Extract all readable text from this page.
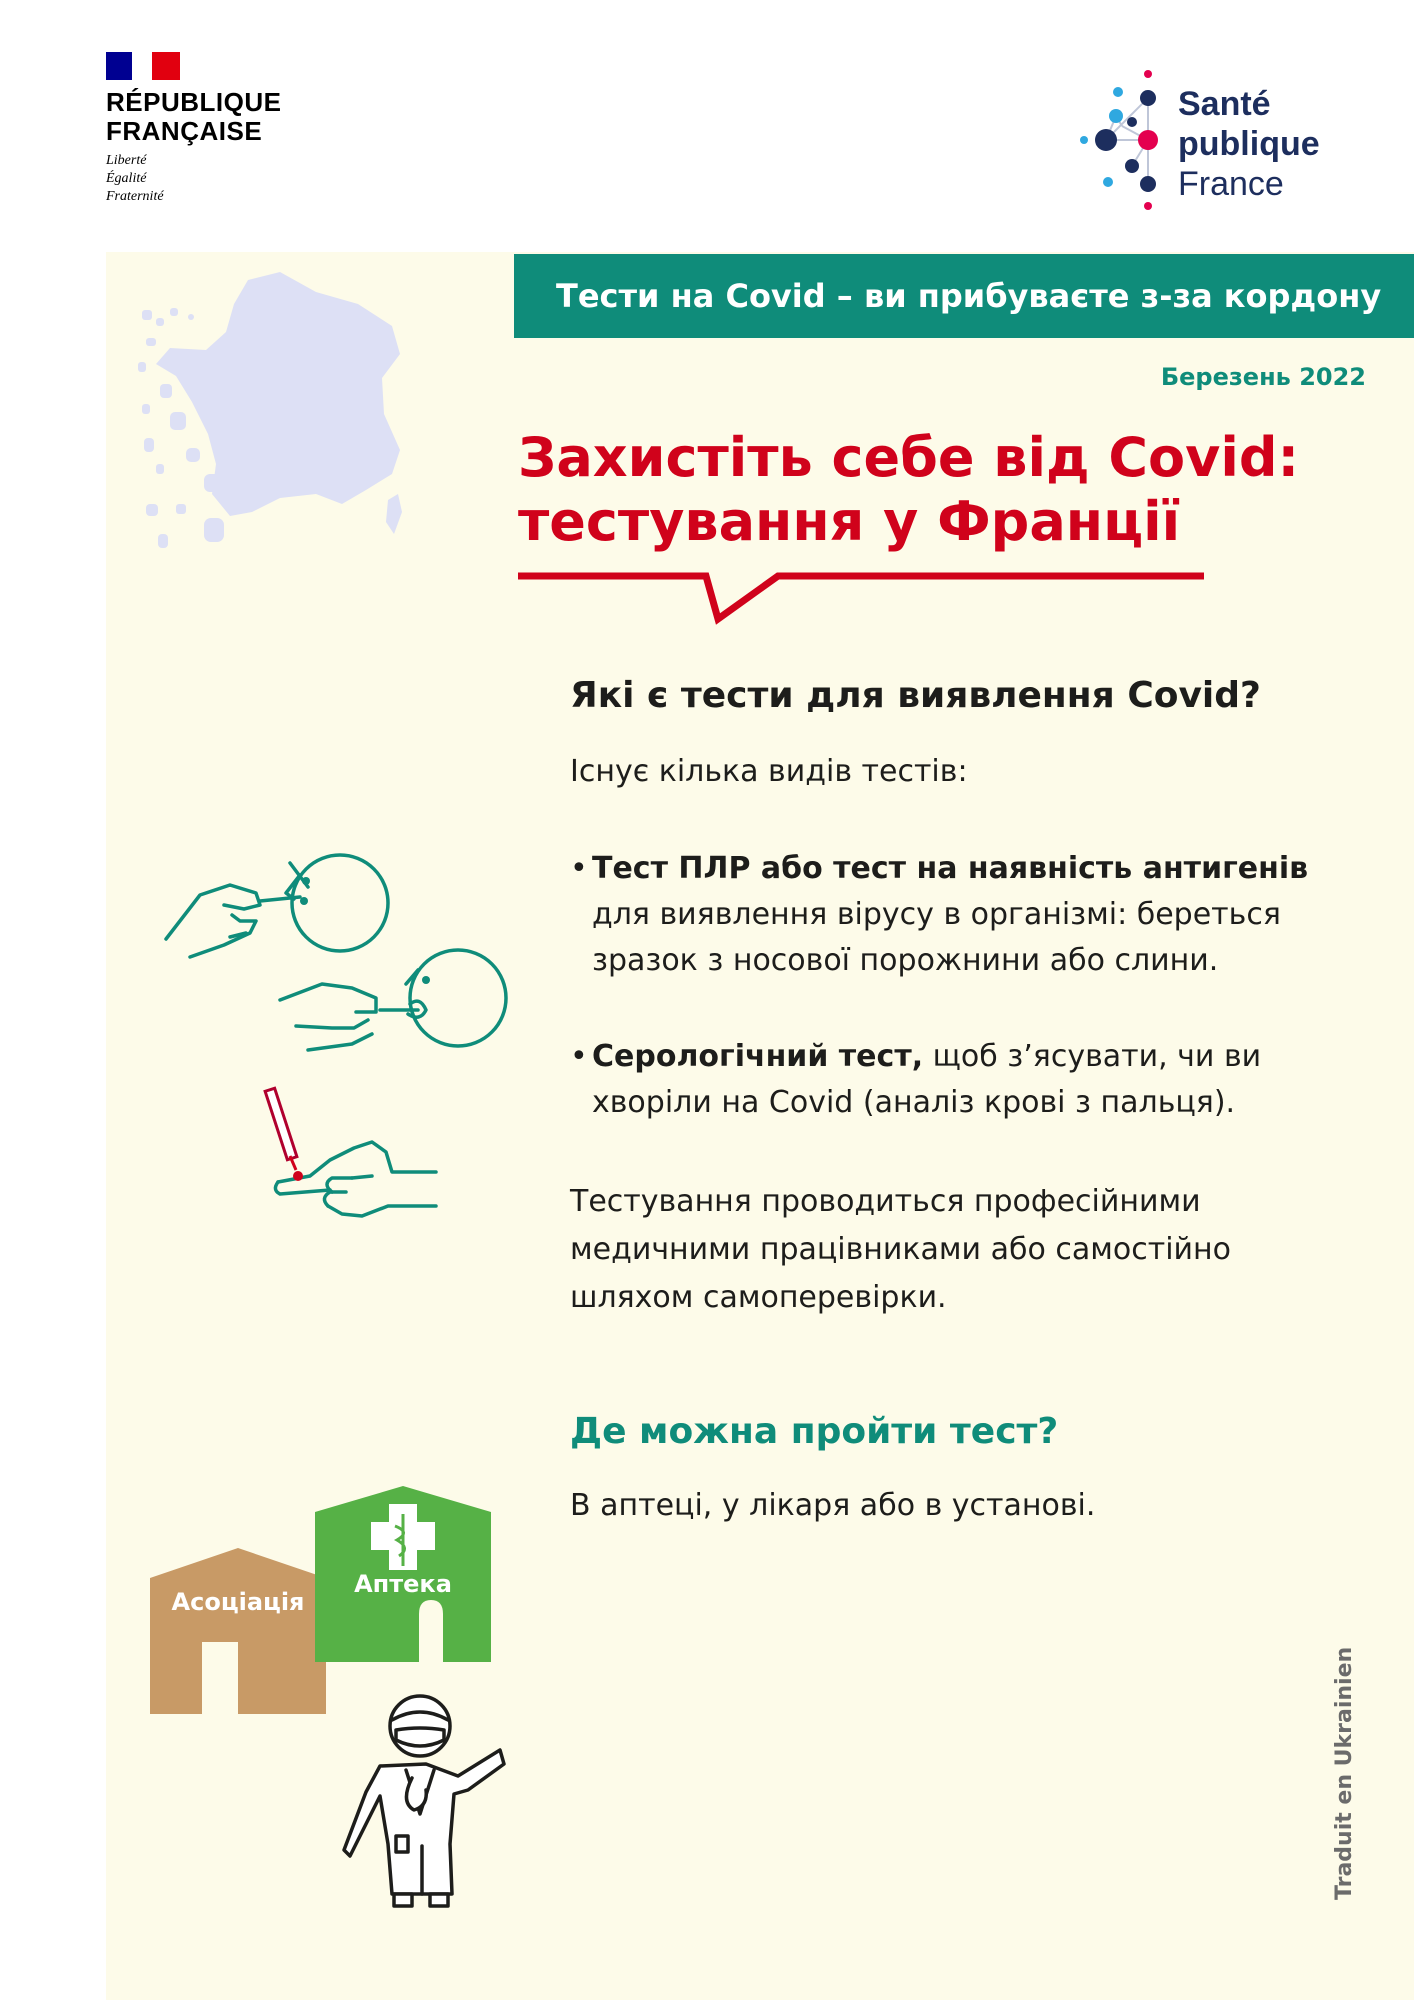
RÉPUBLIQUE
FRANÇAISE
Liberté
Égalité
Fraternité
Santé
publique
France
Тести на Covid – ви прибуваєте з-за кордону
Березень 2022
Захистіть себе від Covid:
тестування у Франції
Які є тести для виявлення Covid?
Існує кілька видів тестів:
• Тест ПЛР або тест на наявність антигенів для виявлення вірусу в організмі: береться зразок з носової порожнини або слини.
• Серологічний тест, щоб з’ясувати, чи ви хворіли на Covid (аналіз крові з пальця).
Тестування проводиться професійними медичними працівниками або самостійно шляхом самоперевірки.
Де можна пройти тест?
В аптеці, у лікаря або в установі.
Асоціація
Аптека
Traduit en Ukrainien
